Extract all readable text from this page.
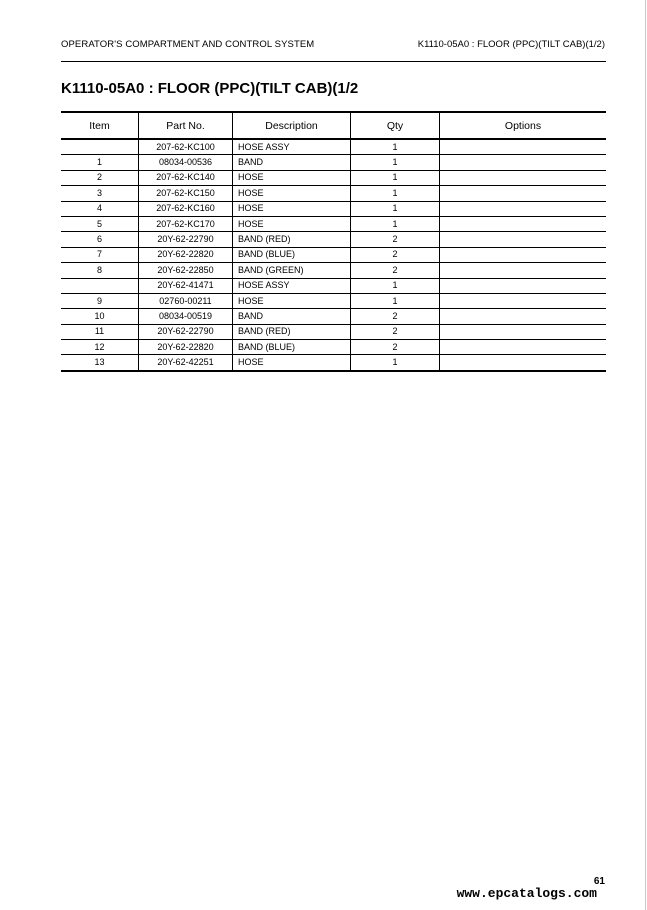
OPERATOR'S COMPARTMENT AND CONTROL SYSTEM	K1110-05A0 : FLOOR (PPC)(TILT CAB)(1/2)
K1110-05A0 : FLOOR (PPC)(TILT CAB)(1/2
Item	Part No.	Description	Qty	Options
	207-62-KC100	HOSE ASSY	1	
1	08034-00536	BAND	1	
2	207-62-KC140	HOSE	1	
3	207-62-KC150	HOSE	1	
4	207-62-KC160	HOSE	1	
5	207-62-KC170	HOSE	1	
6	20Y-62-22790	BAND (RED)	2	
7	20Y-62-22820	BAND (BLUE)	2	
8	20Y-62-22850	BAND (GREEN)	2	
	20Y-62-41471	HOSE ASSY	1	
9	02760-00211	HOSE	1	
10	08034-00519	BAND	2	
11	20Y-62-22790	BAND (RED)	2	
12	20Y-62-22820	BAND (BLUE)	2	
13	20Y-62-42251	HOSE	1	
61
www.epcatalogs.com
